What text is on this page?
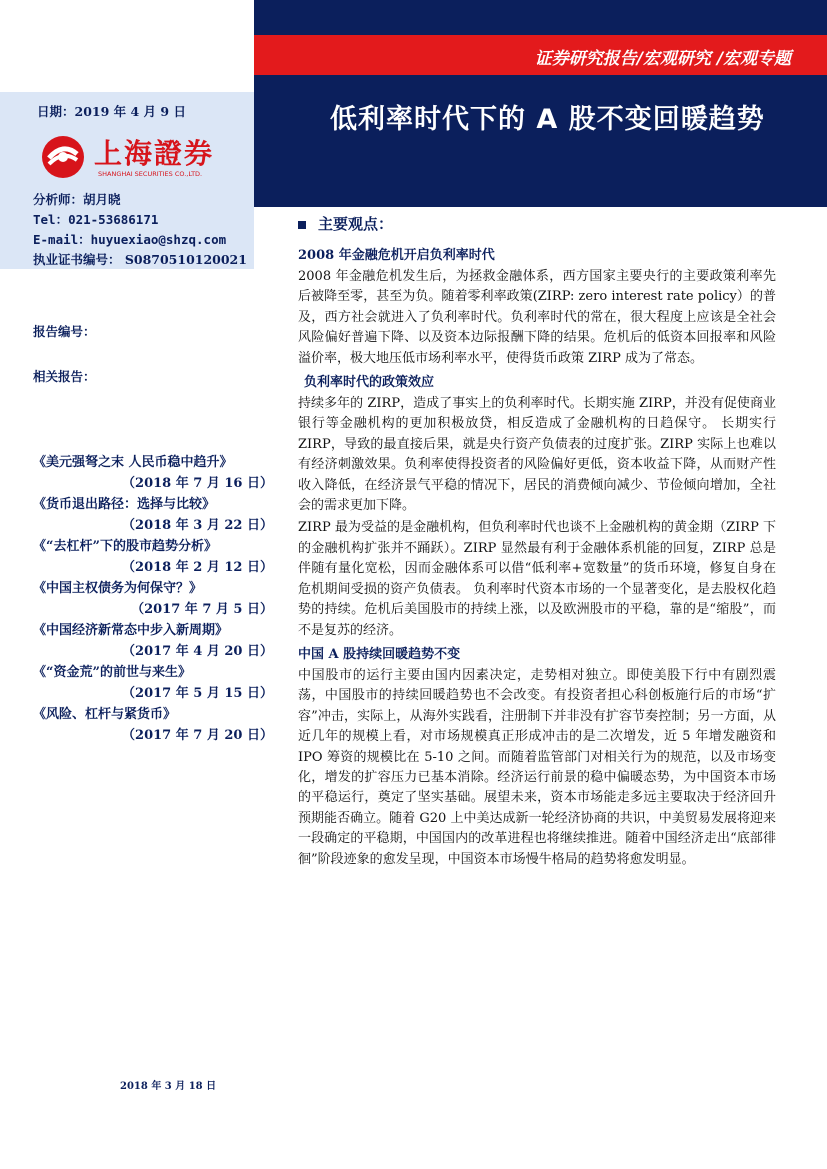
证券研究报告/宏观研究 /宏观专题
低利率时代下的 A 股不变回暖趋势
日期：2019 年 4 月 9 日
上海證券
SHANGHAI SECURITIES CO.,LTD.
分析师：胡月晓
Tel：021-53686171
E-mail：huyuexiao@shzq.com
执业证书编号： S0870510120021
报告编号：
相关报告：
《美元强弩之末 人民币稳中趋升》
（2018 年 7 月 16 日）
《货币退出路径：选择与比较》
（2018 年 3 月 22 日）
《“去杠杆”下的股市趋势分析》
（2018 年 2 月 12 日）
《中国主权债务为何保守？》
（2017 年 7 月 5 日）
《中国经济新常态中步入新周期》
（2017 年 4 月 20 日）
《“资金荒”的前世与来生》
（2017 年 5 月 15 日）
《风险、杠杆与紧货币》
（2017 年 7 月 20 日）
主要观点：
2008 年金融危机开启负利率时代

2008 年金融危机发生后，为拯救金融体系，西方国家主要央行的主要政策利率先后被降至零，甚至为负。随着零利率政策(ZIRP: zero interest rate policy）的普及，西方社会就进入了负利率时代。负利率时代的常在，很大程度上应该是全社会风险偏好普遍下降、以及资本边际报酬下降的结果。危机后的低资本回报率和风险溢价率，极大地压低市场利率水平，使得货币政策 ZIRP 成为了常态。

负利率时代的政策效应

持续多年的 ZIRP，造成了事实上的负利率时代。长期实施 ZIRP，并没有促使商业银行等金融机构的更加积极放贷，相反造成了金融机构的日趋保守。 长期实行 ZIRP，导致的最直接后果，就是央行资产负债表的过度扩张。ZIRP 实际上也难以有经济刺激效果。负利率使得投资者的风险偏好更低，资本收益下降，从而财产性收入降低，在经济景气平稳的情况下，居民的消费倾向减少、节俭倾向增加，全社会的需求更加下降。

ZIRP 最为受益的是金融机构，但负利率时代也谈不上金融机构的黄金期（ZIRP 下的金融机构扩张并不踊跃）。ZIRP 显然最有利于金融体系机能的回复，ZIRP 总是伴随有量化宽松，因而金融体系可以借“低利率+宽数量”的货币环境，修复自身在危机期间受损的资产负债表。 负利率时代资本市场的一个显著变化，是去股权化趋势的持续。危机后美国股市的持续上涨，以及欧洲股市的平稳，靠的是“缩股”，而不是复苏的经济。

中国 A 股持续回暖趋势不变

中国股市的运行主要由国内因素决定，走势相对独立。即使美股下行中有剧烈震荡，中国股市的持续回暖趋势也不会改变。有投资者担心科创板施行后的市场“扩容”冲击，实际上，从海外实践看，注册制下并非没有扩容节奏控制；另一方面，从近几年的规模上看，对市场规模真正形成冲击的是二次增发，近 5 年增发融资和 IPO 筹资的规模比在 5-10 之间。而随着监管部门对相关行为的规范，以及市场变化，增发的扩容压力已基本消除。经济运行前景的稳中偏暖态势，为中国资本市场的平稳运行，奠定了坚实基础。展望未来，资本市场能走多远主要取决于经济回升预期能否确立。随着 G20 上中美达成新一轮经济协商的共识，中美贸易发展将迎来一段确定的平稳期，中国国内的改革进程也将继续推进。随着中国经济走出“底部徘徊”阶段迹象的愈发呈现，中国资本市场慢牛格局的趋势将愈发明显。

2018 年 3 月 18 日
